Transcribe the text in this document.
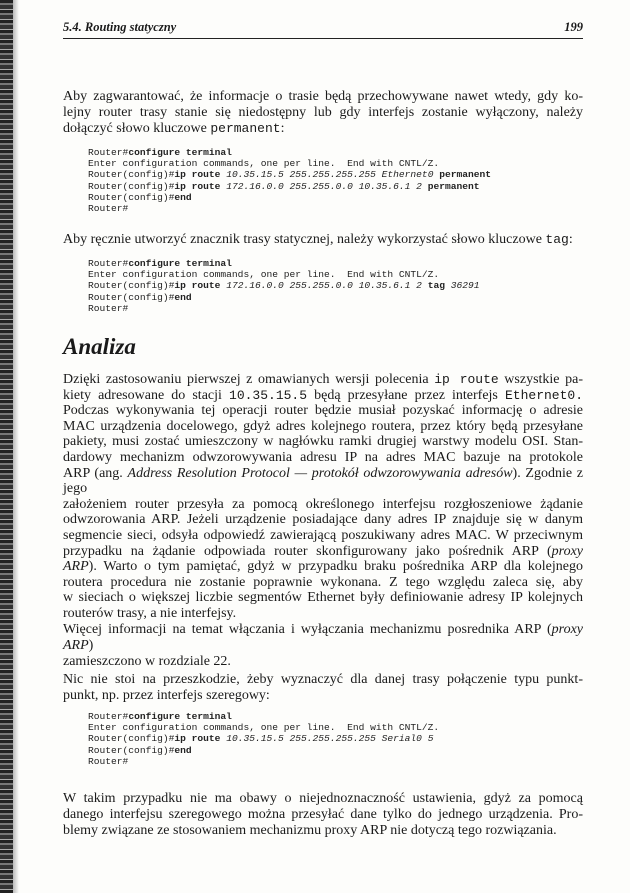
5.4. Routing statyczny	199
Aby zagwarantować, że informacje o trasie będą przechowywane nawet wtedy, gdy ko-
lejny router trasy stanie się niedostępny lub gdy interfejs zostanie wyłączony, należy
dołączyć słowo kluczowe permanent:
Router#configure terminal
Enter configuration commands, one per line.  End with CNTL/Z.
Router(config)#ip route 10.35.15.5 255.255.255.255 Ethernet0 permanent
Router(config)#ip route 172.16.0.0 255.255.0.0 10.35.6.1 2 permanent
Router(config)#end
Router#
Aby ręcznie utworzyć znacznik trasy statycznej, należy wykorzystać słowo kluczowe tag:
Router#configure terminal
Enter configuration commands, one per line.  End with CNTL/Z.
Router(config)#ip route 172.16.0.0 255.255.0.0 10.35.6.1 2 tag 36291
Router(config)#end
Router#
Analiza
Dzięki zastosowaniu pierwszej z omawianych wersji polecenia ip route wszystkie pa-
kiety adresowane do stacji 10.35.15.5 będą przesyłane przez interfejs Ethernet0.
Podczas wykonywania tej operacji router będzie musiał pozyskać informację o adresie
MAC urządzenia docelowego, gdyż adres kolejnego routera, przez który będą przesyłane
pakiety, musi zostać umieszczony w nagłówku ramki drugiej warstwy modelu OSI. Stan-
dardowy mechanizm odwzorowywania adresu IP na adres MAC bazuje na protokole
ARP (ang. Address Resolution Protocol — protokół odwzorowywania adresów). Zgodnie z jego
założeniem router przesyła za pomocą określonego interfejsu rozgłoszeniowe żądanie
odwzorowania ARP. Jeżeli urządzenie posiadające dany adres IP znajduje się w danym
segmencie sieci, odsyła odpowiedź zawierającą poszukiwany adres MAC. W przeciwnym
przypadku na żądanie odpowiada router skonfigurowany jako pośrednik ARP (proxy
ARP). Warto o tym pamiętać, gdyż w przypadku braku pośrednika ARP dla kolejnego
routera procedura nie zostanie poprawnie wykonana. Z tego względu zaleca się, aby
w sieciach o większej liczbie segmentów Ethernet były definiowanie adresy IP kolejnych
routerów trasy, a nie interfejsy.
Więcej informacji na temat włączania i wyłączania mechanizmu posrednika ARP (proxy ARP)
zamieszczono w rozdziale 22.
Nic nie stoi na przeszkodzie, żeby wyznaczyć dla danej trasy połączenie typu punkt-
punkt, np. przez interfejs szeregowy:
Router#configure terminal
Enter configuration commands, one per line.  End with CNTL/Z.
Router(config)#ip route 10.35.15.5 255.255.255.255 Serial0 5
Router(config)#end
Router#
W takim przypadku nie ma obawy o niejednoznaczność ustawienia, gdyż za pomocą
danego interfejsu szeregowego można przesyłać dane tylko do jednego urządzenia. Pro-
blemy związane ze stosowaniem mechanizmu proxy ARP nie dotyczą tego rozwiązania.
